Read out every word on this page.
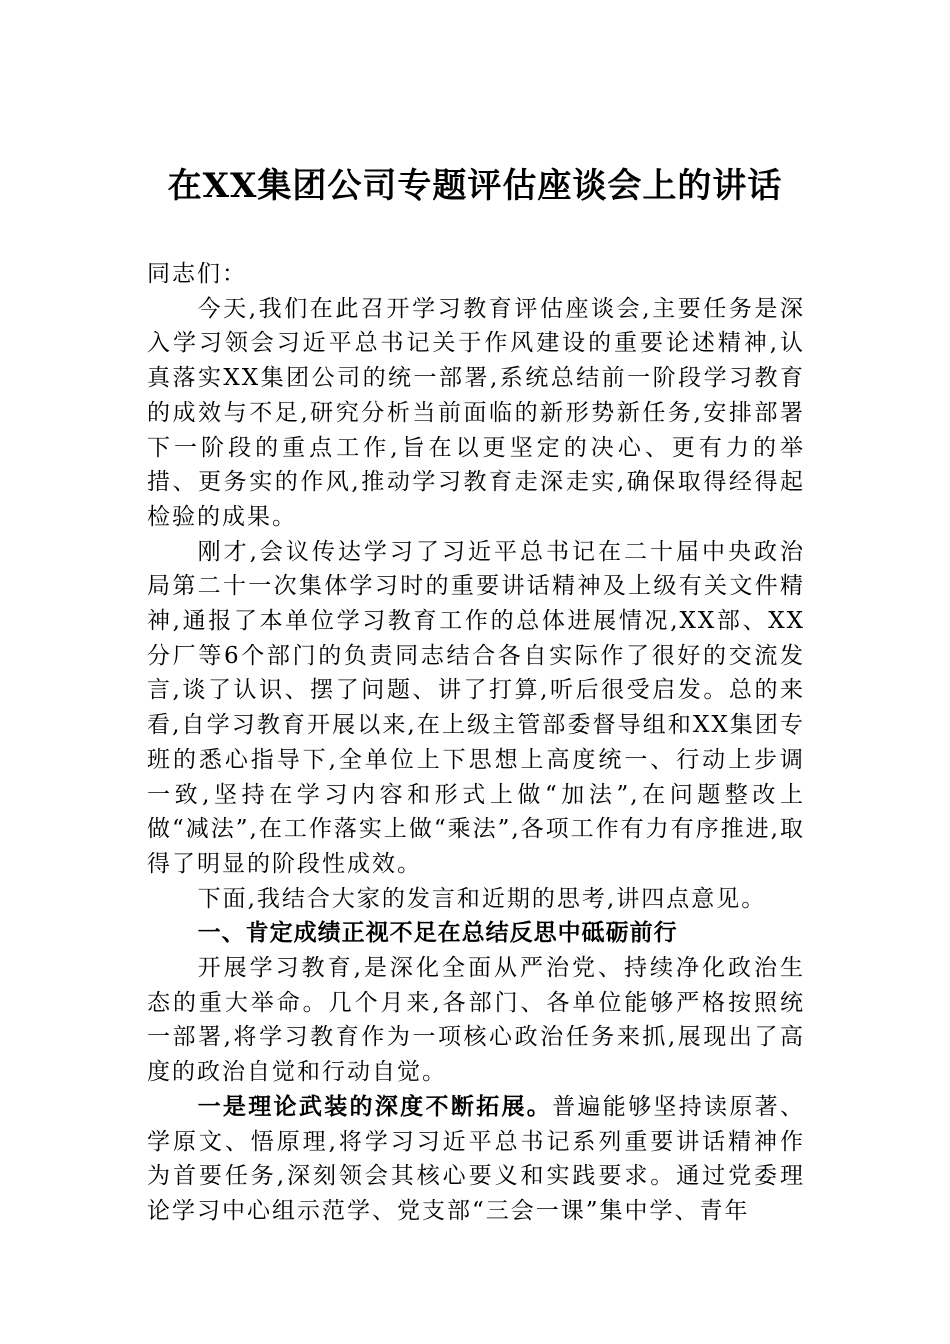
在XX集团公司专题评估座谈会上的讲话

同志们：

今天,我们在此召开学习教育评估座谈会,主要任务是深入学习领会习近平总书记关于作风建设的重要论述精神,认真落实XX集团公司的统一部署,系统总结前一阶段学习教育的成效与不足,研究分析当前面临的新形势新任务,安排部署下一阶段的重点工作,旨在以更坚定的决心、更有力的举措、更务实的作风,推动学习教育走深走实,确保取得经得起检验的成果。

刚才,会议传达学习了习近平总书记在二十届中央政治局第二十一次集体学习时的重要讲话精神及上级有关文件精神,通报了本单位学习教育工作的总体进展情况,XX部、XX分厂等6个部门的负责同志结合各自实际作了很好的交流发言,谈了认识、摆了问题、讲了打算,听后很受启发。总的来看,自学习教育开展以来,在上级主管部委督导组和XX集团专班的悉心指导下,全单位上下思想上高度统一、行动上步调一致,坚持在学习内容和形式上做“加法”,在问题整改上做“减法”,在工作落实上做“乘法”,各项工作有力有序推进,取得了明显的阶段性成效。

下面,我结合大家的发言和近期的思考,讲四点意见。

一、肯定成绩正视不足在总结反思中砥砺前行

开展学习教育,是深化全面从严治党、持续净化政治生态的重大举命。几个月来,各部门、各单位能够严格按照统一部署,将学习教育作为一项核心政治任务来抓,展现出了高度的政治自觉和行动自觉。

一是理论武装的深度不断拓展。普遍能够坚持读原著、学原文、悟原理,将学习习近平总书记系列重要讲话精神作为首要任务,深刻领会其核心要义和实践要求。通过党委理论学习中心组示范学、党支部“三会一课”集中学、青年
